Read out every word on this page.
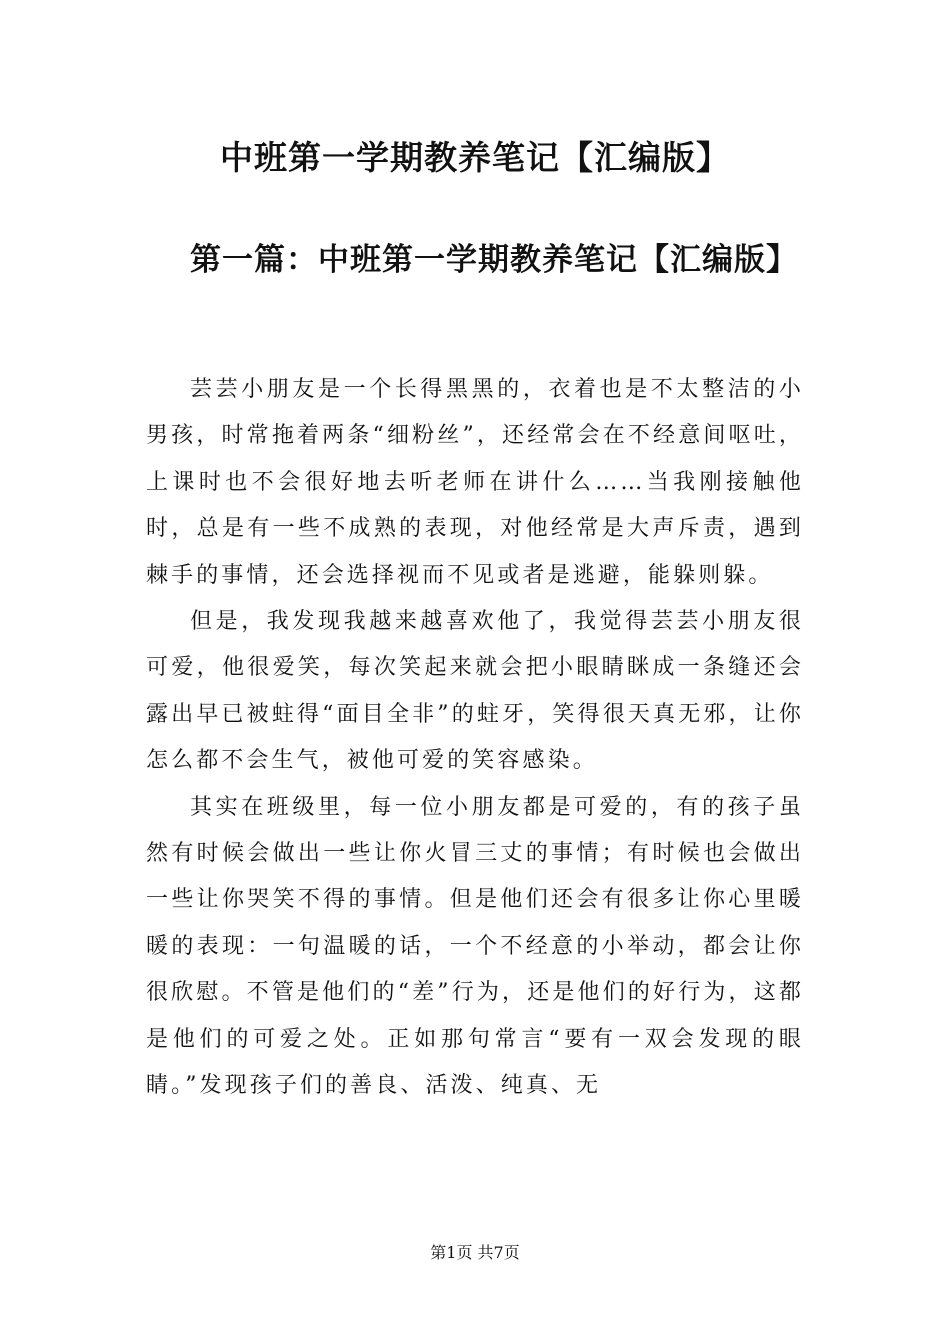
中班第一学期教养笔记【汇编版】
第一篇：中班第一学期教养笔记【汇编版】

芸芸小朋友是一个长得黑黑的，衣着也是不太整洁的小男孩，时常拖着两条“细粉丝”，还经常会在不经意间呕吐，上课时也不会很好地去听老师在讲什么……当我刚接触他时，总是有一些不成熟的表现，对他经常是大声斥责，遇到棘手的事情，还会选择视而不见或者是逃避，能躲则躲。

但是，我发现我越来越喜欢他了，我觉得芸芸小朋友很可爱，他很爱笑，每次笑起来就会把小眼睛眯成一条缝还会露出早已被蛀得“面目全非”的蛀牙，笑得很天真无邪，让你怎么都不会生气，被他可爱的笑容感染。

其实在班级里，每一位小朋友都是可爱的，有的孩子虽然有时候会做出一些让你火冒三丈的事情；有时候也会做出一些让你哭笑不得的事情。但是他们还会有很多让你心里暖暖的表现：一句温暖的话，一个不经意的小举动，都会让你很欣慰。不管是他们的“差”行为，还是他们的好行为，这都是他们的可爱之处。正如那句常言“要有一双会发现的眼睛。”发现孩子们的善良、活泼、纯真、无

第1页 共7页
